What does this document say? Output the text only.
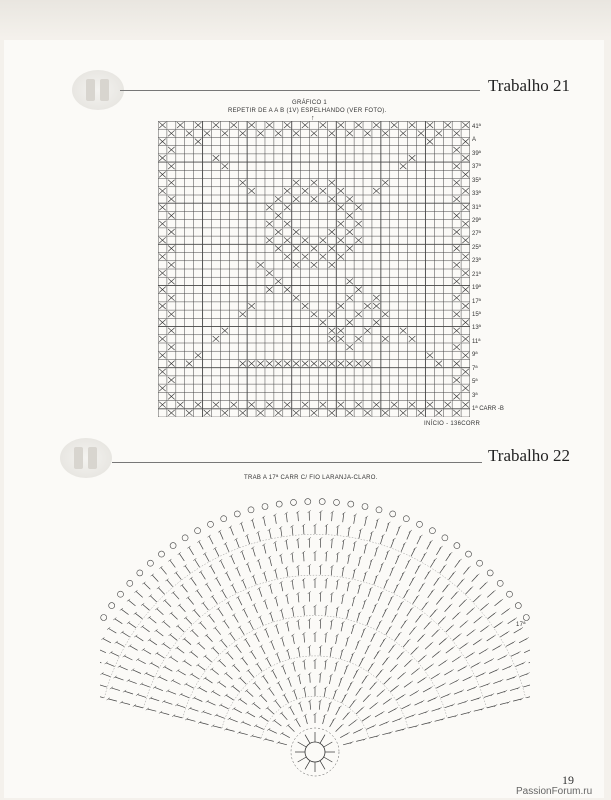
Trabalho 21
GRÁFICO 1
REPETIR DE A A B (1V) ESPELHANDO (VER FOTO).
↑
41ª
A
39ª
37ª
35ª
33ª
31ª
29ª
27ª
25ª
23ª
21ª
19ª
17ª
15ª
13ª
11ª
9ª
7ª
5ª
3ª
1ª CARR -B
INÍCIO - 136CORR
Trabalho 22
TRAB A 17ª CARR C/ FIO LARANJA-CLARO.
17ª
19
PassionForum.ru
